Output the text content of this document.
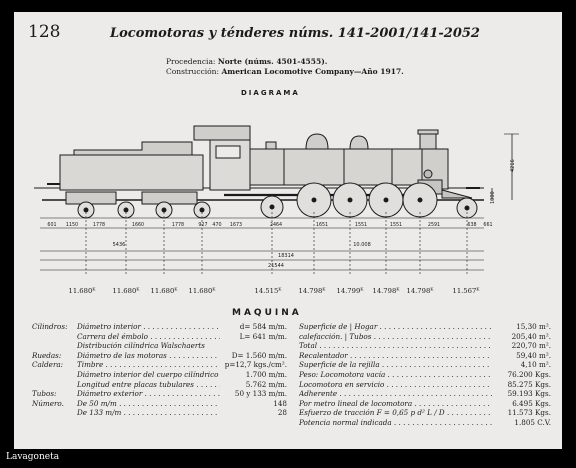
128	Locomotoras y ténderes núms. 141-2001/141-2052
Procedencia: Norte (núms. 4501-4555).
Construcción: American Locomotive Company—Año 1917.
DIAGRAMA
4216
1000
601 1150	1778	1660	1778	927 470 1673	2464	1651	1551	1551	2591	638 661
5436	10.008
18314
21544
11.680ᴷ	11.680ᴷ 11.680ᴷ 11.680ᴷ	14.515ᴷ	14.798ᴷ 14.799ᴷ 14.798ᴷ 14.798ᴷ	11.567ᴷ
MAQUINA
Cilindros:	Diámetro interior . . .	d= 584 m/m.
Carrera del émbolo . . .	L= 641 m/m.
Distribución cilíndrica Walschaerts
Ruedas:	Diámetro de las motoras . . .	D= 1.560 m/m.
Caldera:	Timbre . . .	p=12,7 kgs./cm².
Diámetro interior del cuerpo cilíndrico . . .	1.700 m/m.
Longitud entre placas tubulares . . .	5.762 m/m.
Tubos:	Diámetro exterior . . .	50 y 133 m/m.
Número.	De 50 m/m . . .	148
De 133 m/m . . .	28
Superficie de | Hogar . . .	15,30 m².
calefacción. | Tubos . . .	205,40 m².
Total . . .	220,70 m².
Recalentador . . .	59,40 m².
Superficie de la rejilla . . .	4,10 m².
Peso: Locomotora vacía . . .	76.200 Kgs.
Locomotora en servicio . . .	85.275 Kgs.
Adherente . . .	59.193 Kgs.
Por metro lineal de locomotora . . .	6.495 Kgs.
Esfuerzo de tracción F = 0,65 p d² L / D . . .	11.573 Kgs.
Potencia normal indicada . . .	1.805 C.V.
Lavagoneta
